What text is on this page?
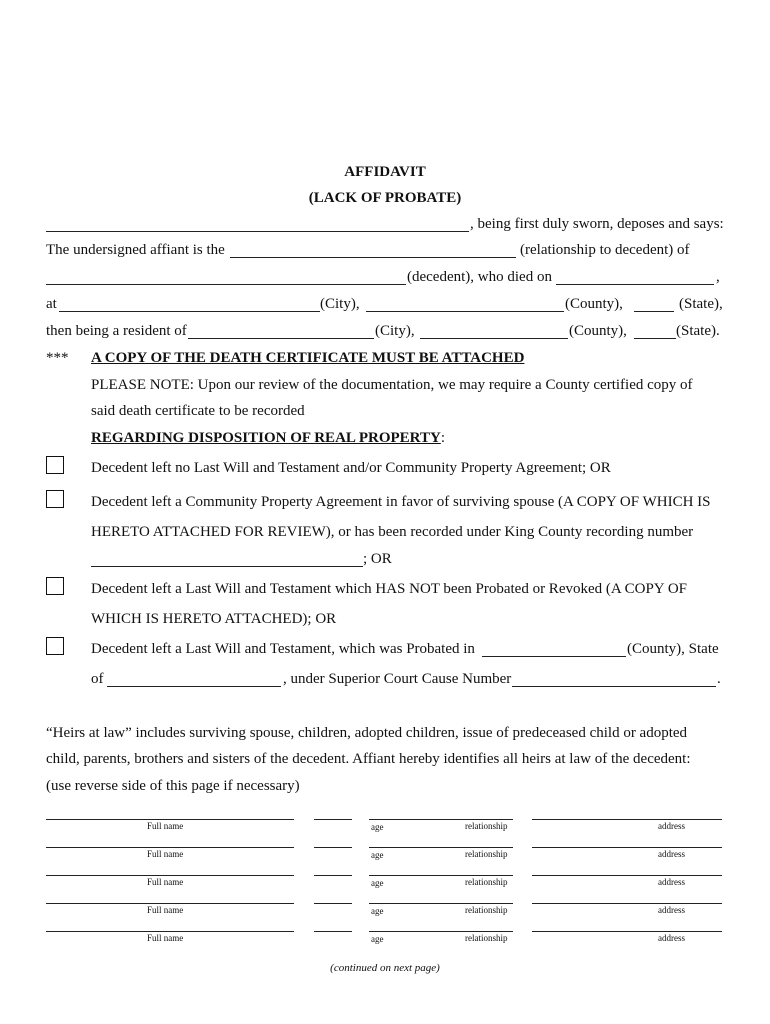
AFFIDAVIT
(LACK OF PROBATE)
, being first duly sworn, deposes and says:
The undersigned affiant is the	(relationship to decedent) of
(decedent), who died on	,
at	(City),	(County),	(State),
then being a resident of	(City),	(County),	(State).
*** A COPY OF THE DEATH CERTIFICATE MUST BE ATTACHED
PLEASE NOTE: Upon our review of the documentation, we may require a County certified copy of
said death certificate to be recorded
REGARDING DISPOSITION OF REAL PROPERTY:
Decedent left no Last Will and Testament and/or Community Property Agreement; OR
Decedent left a Community Property Agreement in favor of surviving spouse (A COPY OF WHICH IS
HERETO ATTACHED FOR REVIEW), or has been recorded under King County recording number
; OR
Decedent left a Last Will and Testament which HAS NOT been Probated or Revoked (A COPY OF
WHICH IS HERETO ATTACHED); OR
Decedent left a Last Will and Testament, which was Probated in	(County), State
of	, under Superior Court Cause Number	.
“Heirs at law” includes surviving spouse, children, adopted children, issue of predeceased child or adopted
child, parents, brothers and sisters of the decedent. Affiant hereby identifies all heirs at law of the decedent:
(use reverse side of this page if necessary)
Full name	age	relationship	address
Full name	age	relationship	address
Full name	age	relationship	address
Full name	age	relationship	address
Full name	age	relationship	address
(continued on next page)
